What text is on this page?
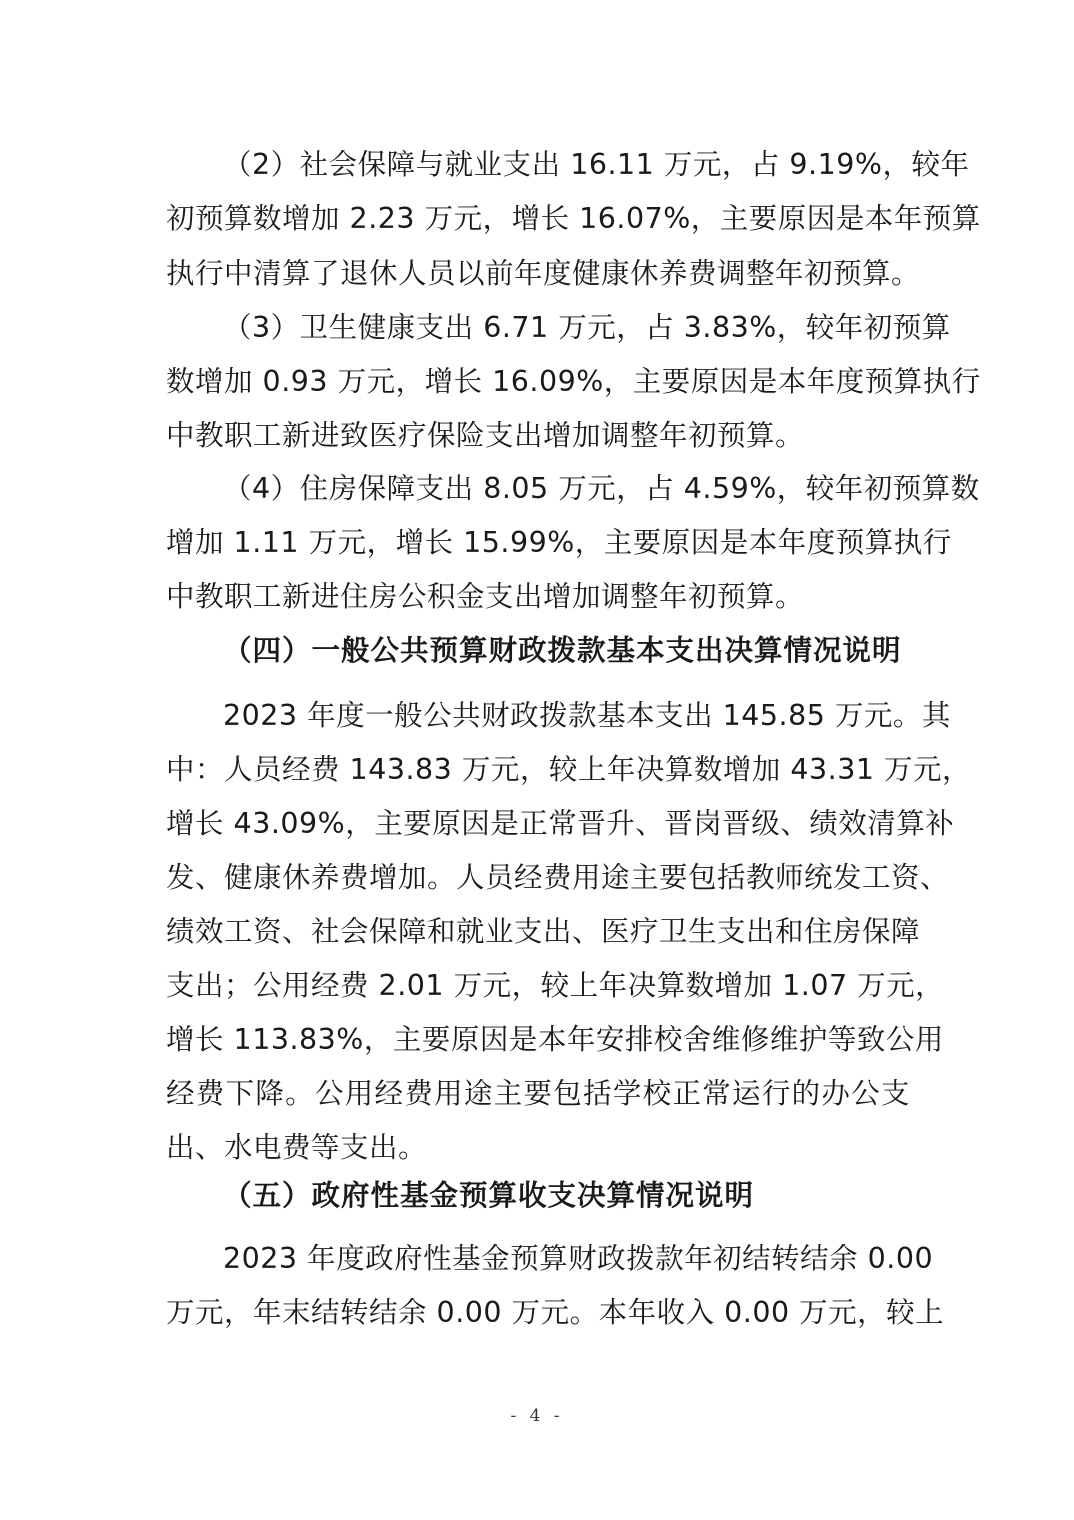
（2）社会保障与就业支出 16.11 万元，占 9.19%，较年
初预算数增加 2.23 万元，增长 16.07%，主要原因是本年预算
执行中清算了退休人员以前年度健康休养费调整年初预算。
（3）卫生健康支出 6.71 万元，占 3.83%，较年初预算
数增加 0.93 万元，增长 16.09%，主要原因是本年度预算执行
中教职工新进致医疗保险支出增加调整年初预算。
（4）住房保障支出 8.05 万元，占 4.59%，较年初预算数
增加 1.11 万元，增长 15.99%，主要原因是本年度预算执行
中教职工新进住房公积金支出增加调整年初预算。
（四）一般公共预算财政拨款基本支出决算情况说明
2023 年度一般公共财政拨款基本支出 145.85 万元。其
中：人员经费 143.83 万元，较上年决算数增加 43.31 万元，
增长 43.09%，主要原因是正常晋升、晋岗晋级、绩效清算补
发、健康休养费增加。人员经费用途主要包括教师统发工资、
绩效工资、社会保障和就业支出、医疗卫生支出和住房保障
支出；公用经费 2.01 万元，较上年决算数增加 1.07 万元，
增长 113.83%，主要原因是本年安排校舍维修维护等致公用
经费下降。公用经费用途主要包括学校正常运行的办公支
出、水电费等支出。
（五）政府性基金预算收支决算情况说明
2023 年度政府性基金预算财政拨款年初结转结余 0.00
万元，年末结转结余 0.00 万元。本年收入 0.00 万元，较上
- 4 -
